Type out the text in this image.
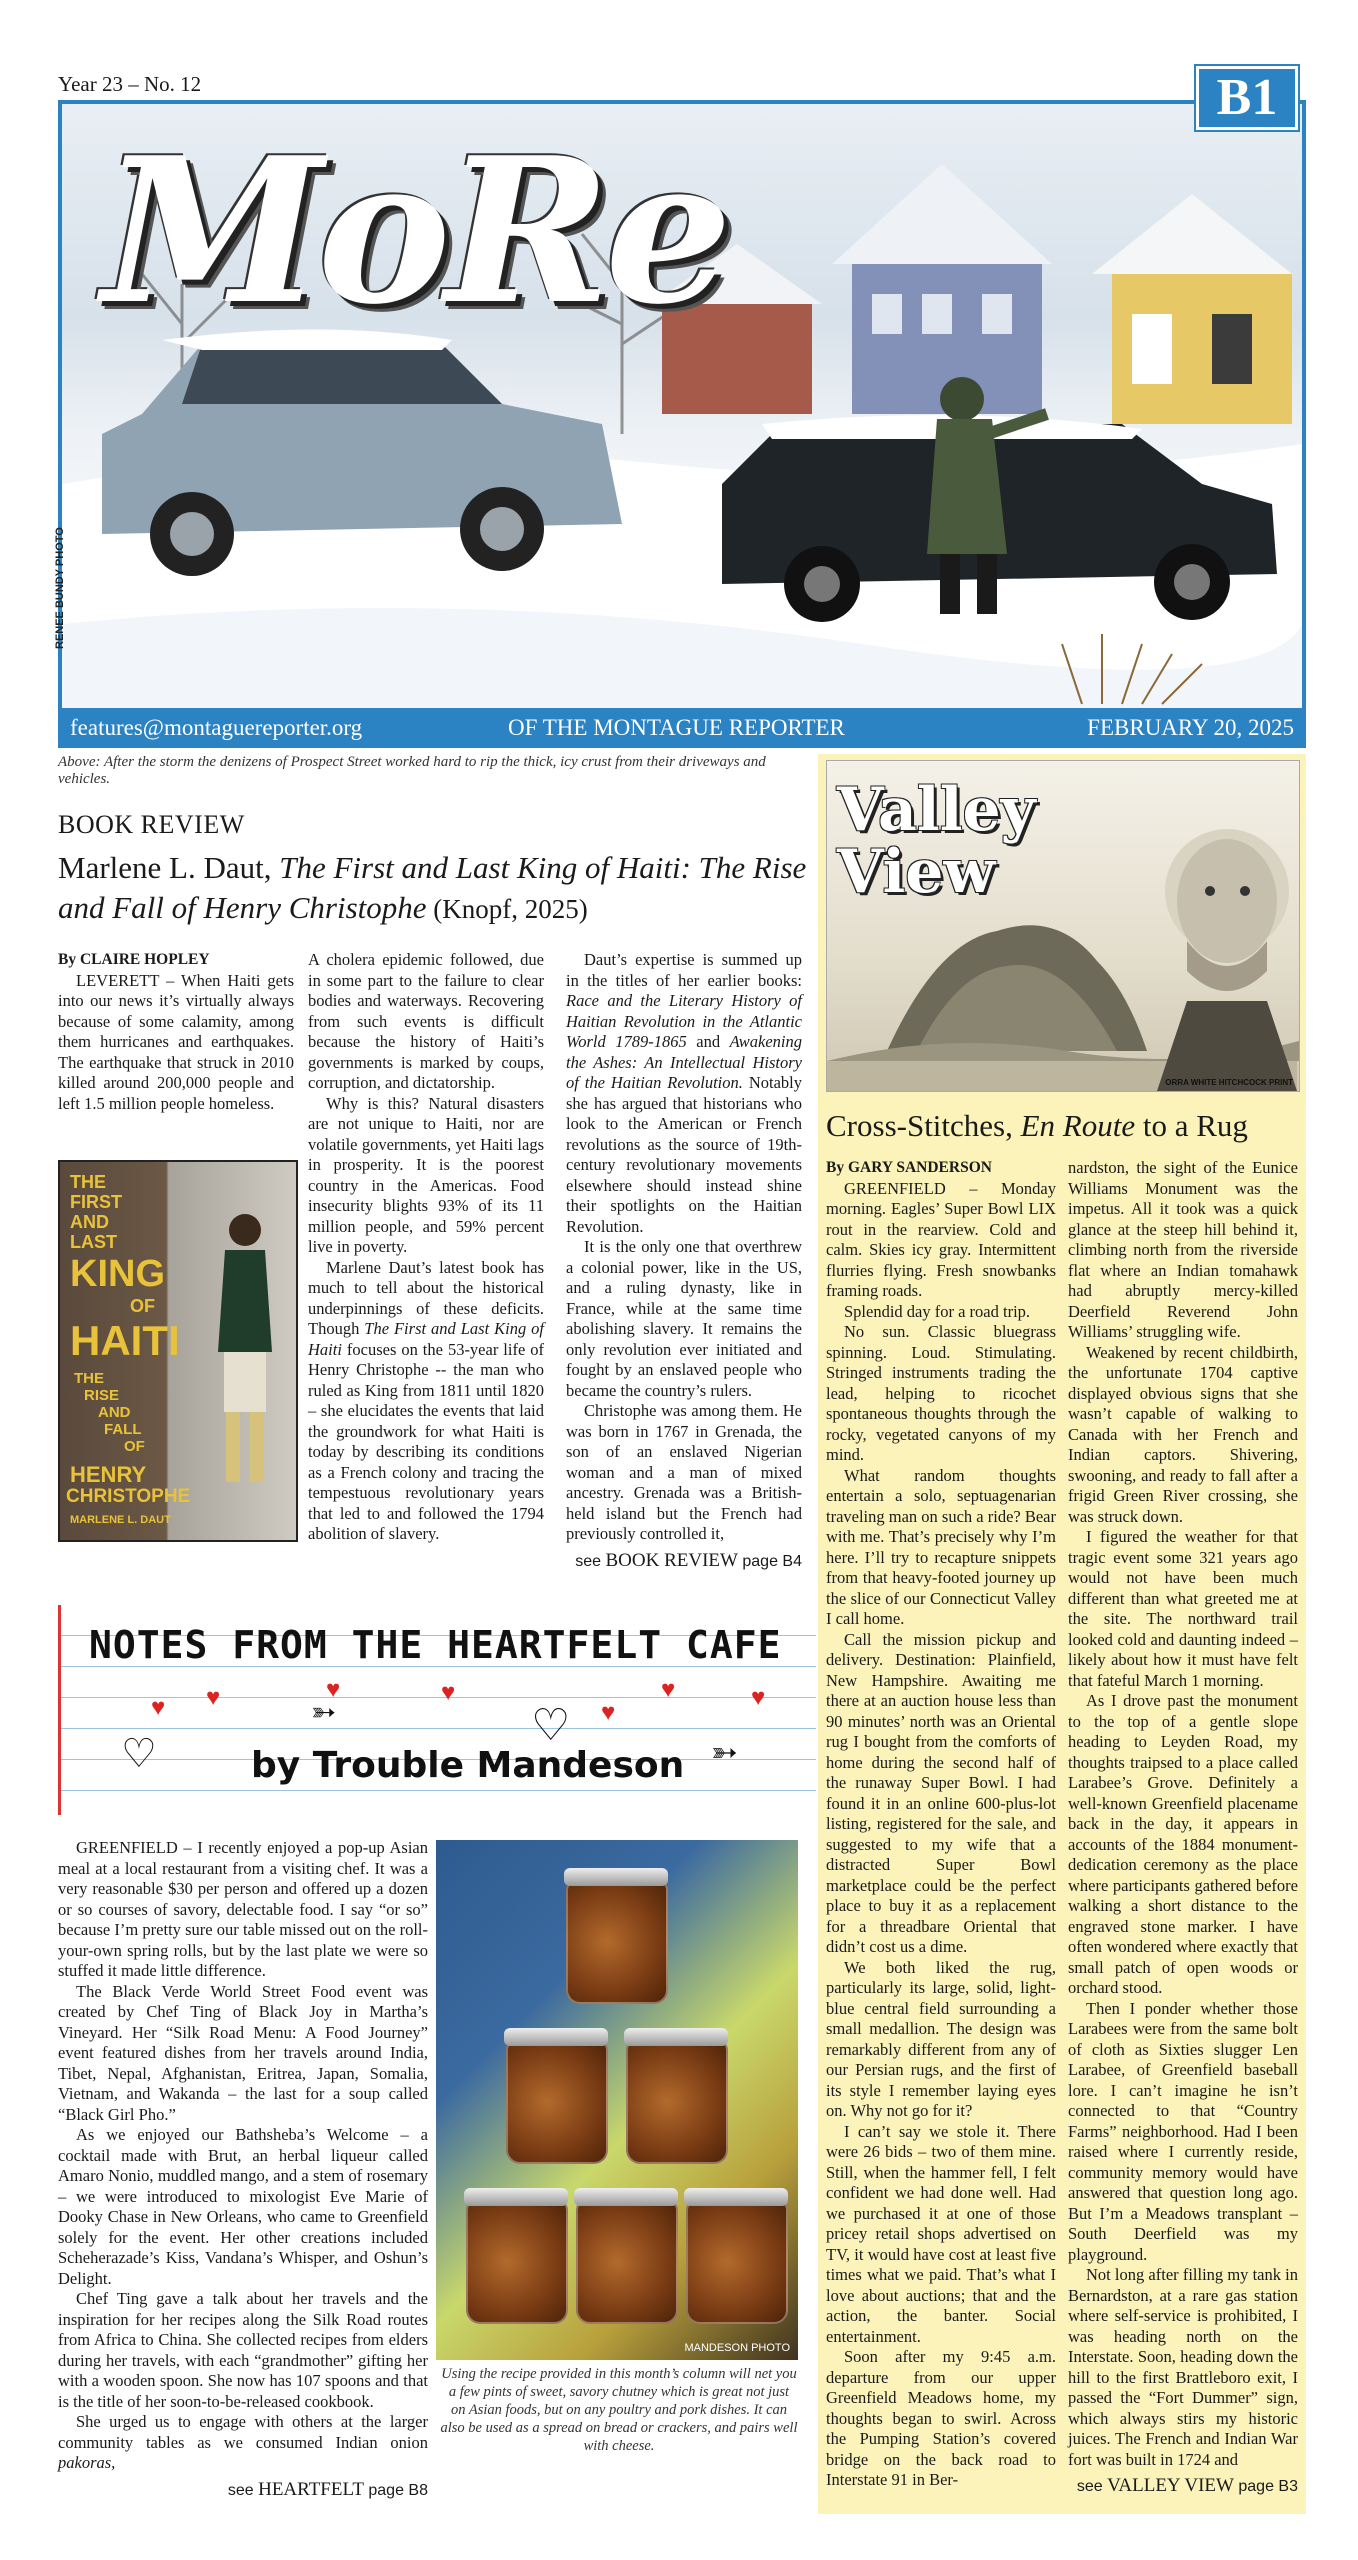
Year 23 – No. 12
MoRe
RENEE BUNDY PHOTO
B1
features@montaguereporter.org	OF THE MONTAGUE REPORTER	FEBRUARY 20, 2025
Above: After the storm the denizens of Prospect Street worked hard to rip the thick, icy crust from their driveways and vehicles.
BOOK REVIEW
Marlene L. Daut, The First and Last King of Haiti: The Rise and Fall of Henry Christophe (Knopf, 2025)

By CLAIRE HOPLEY

LEVERETT – When Haiti gets into our news it’s virtually always because of some calamity, among them hurricanes and earthquakes. The earthquake that struck in 2010 killed around 200,000 people and left 1.5 million people homeless.

THE
FIRST
AND
LAST
KING
OF
HAITI
THE
RISE
AND
FALL
OF
HENRY
CHRISTOPHE
MARLENE L. DAUT

A cholera epidemic followed, due in some part to the failure to clear bodies and waterways. Recovering from such events is difficult because the history of Haiti’s governments is marked by coups, corruption, and dictatorship.

Why is this? Natural disasters are not unique to Haiti, nor are volatile governments, yet Haiti lags in prosperity. It is the poorest country in the Americas. Food insecurity blights 93% of its 11 million people, and 59% percent live in poverty.

Marlene Daut’s latest book has much to tell about the historical underpinnings of these deficits. Though The First and Last King of Haiti focuses on the 53-year life of Henry Christophe -- the man who ruled as King from 1811 until 1820 – she elucidates the events that laid the groundwork for what Haiti is today by describing its conditions as a French colony and tracing the tempestuous revolutionary years that led to and followed the 1794 abolition of slavery.

Daut’s expertise is summed up in the titles of her earlier books: Race and the Literary History of Haitian Revolution in the Atlantic World 1789-1865 and Awakening the Ashes: An Intellectual History of the Haitian Revolution. Notably she has argued that historians who look to the American or French revolutions as the source of 19th-century revolutionary movements elsewhere should instead shine their spotlights on the Haitian Revolution.

It is the only one that overthrew a colonial power, like in the US, and a ruling dynasty, like in France, while at the same time abolishing slavery. It remains the only revolution ever initiated and fought by an enslaved people who became the country’s rulers.

Christophe was among them. He was born in 1767 in Grenada, the son of an enslaved Nigerian woman and a man of mixed ancestry. Grenada was a British-held island but the French had previously controlled it,

see BOOK REVIEW page B4
Valley
View
ORRA WHITE HITCHCOCK PRINT
Cross-Stitches, En Route to a Rug

By GARY SANDERSON

GREENFIELD – Monday morning. Eagles’ Super Bowl LIX rout in the rearview. Cold and calm. Skies icy gray. Intermittent flurries flying. Fresh snowbanks framing roads.

Splendid day for a road trip.

No sun. Classic bluegrass spinning. Loud. Stimulating. Stringed instruments trading the lead, helping to ricochet spontaneous thoughts through the rocky, vegetated canyons of my mind.

What random thoughts entertain a solo, septuagenarian traveling man on such a ride? Bear with me. That’s precisely why I’m here. I’ll try to recapture snippets from that heavy-footed journey up the slice of our Connecticut Valley I call home.

Call the mission pickup and delivery. Destination: Plainfield, New Hampshire. Awaiting me there at an auction house less than 90 minutes’ north was an Oriental rug I bought from the comforts of home during the second half of the runaway Super Bowl. I had found it in an online 600-plus-lot listing, registered for the sale, and suggested to my wife that a distracted Super Bowl marketplace could be the perfect place to buy it as a replacement for a threadbare Oriental that didn’t cost us a dime.

We both liked the rug, particularly its large, solid, light-blue central field surrounding a small medallion. The design was remarkably different from any of our Persian rugs, and the first of its style I remember laying eyes on. Why not go for it?

I can’t say we stole it. There were 26 bids – two of them mine. Still, when the hammer fell, I felt confident we had done well. Had we purchased it at one of those pricey retail shops advertised on TV, it would have cost at least five times what we paid. That’s what I love about auctions; that and the action, the banter. Social entertainment.

Soon after my 9:45 a.m. departure from our upper Greenfield Meadows home, my thoughts began to swirl. Across the Pumping Station’s covered bridge on the back road to Interstate 91 in Ber-

nardston, the sight of the Eunice Williams Monument was the impetus. All it took was a quick glance at the steep hill behind it, climbing north from the riverside flat where an Indian tomahawk had abruptly mercy-killed Deerfield Reverend John Williams’ struggling wife.

Weakened by recent childbirth, the unfortunate 1704 captive displayed obvious signs that she wasn’t capable of walking to Canada with her French and Indian captors. Shivering, swooning, and ready to fall after a frigid Green River crossing, she was struck down.

I figured the weather for that tragic event some 321 years ago would not have been much different than what greeted me at the site. The northward trail looked cold and daunting indeed – likely about how it must have felt that fateful March 1 morning.

As I drove past the monument to the top of a gentle slope heading to Leyden Road, my thoughts traipsed to a place called Larabee’s Grove. Definitely a well-known Greenfield placename back in the day, it appears in accounts of the 1884 monument-dedication ceremony as the place where participants gathered before walking a short distance to the engraved stone marker. I have often wondered where exactly that small patch of open woods or orchard stood.

Then I ponder whether those Larabees were from the same bolt of cloth as Sixties slugger Len Larabee, of Greenfield baseball lore. I can’t imagine he isn’t connected to that “Country Farms” neighborhood. Had I been raised where I currently reside, community memory would have answered that question long ago. But I’m a Meadows transplant – South Deerfield was my playground.

Not long after filling my tank in Bernardston, at a rare gas station where self-service is prohibited, I was heading north on the Interstate. Soon, heading down the hill to the first Brattleboro exit, I passed the “Fort Dummer” sign, which always stirs my historic juices. The French and Indian War fort was built in 1724 and

see VALLEY VIEW page B3
NOTES FROM THE HEARTFELT CAFE
♥ ♥	♥	♥
♥
♥	♥
♡
♡
➳
➳
by Trouble Mandeson

GREENFIELD – I recently enjoyed a pop-up Asian meal at a local restaurant from a visiting chef. It was a very reasonable $30 per person and offered up a dozen or so courses of savory, delectable food. I say “or so” because I’m pretty sure our table missed out on the roll-your-own spring rolls, but by the last plate we were so stuffed it made little difference.

The Black Verde World Street Food event was created by Chef Ting of Black Joy in Martha’s Vineyard. Her “Silk Road Menu: A Food Journey” event featured dishes from her travels around India, Tibet, Nepal, Afghanistan, Eritrea, Japan, Somalia, Vietnam, and Wakanda – the last for a soup called “Black Girl Pho.”

As we enjoyed our Bathsheba’s Welcome – a cocktail made with Brut, an herbal liqueur called Amaro Nonio, muddled mango, and a stem of rosemary – we were introduced to mixologist Eve Marie of Dooky Chase in New Orleans, who came to Greenfield solely for the event. Her other creations included Scheherazade’s Kiss, Vandana’s Whisper, and Oshun’s Delight.

Chef Ting gave a talk about her travels and the inspiration for her recipes along the Silk Road routes from Africa to China. She collected recipes from elders during her travels, with each “grandmother” gifting her with a wooden spoon. She now has 107 spoons and that is the title of her soon-to-be-released cookbook.

She urged us to engage with others at the larger community tables as we consumed Indian onion pakoras,

see HEARTFELT page B8
MANDESON PHOTO
Using the recipe provided in this month’s column will net you a few pints of sweet, savory chutney which is great not just on Asian foods, but on any poultry and pork dishes. It can also be used as a spread on bread or crackers, and pairs well with cheese.
